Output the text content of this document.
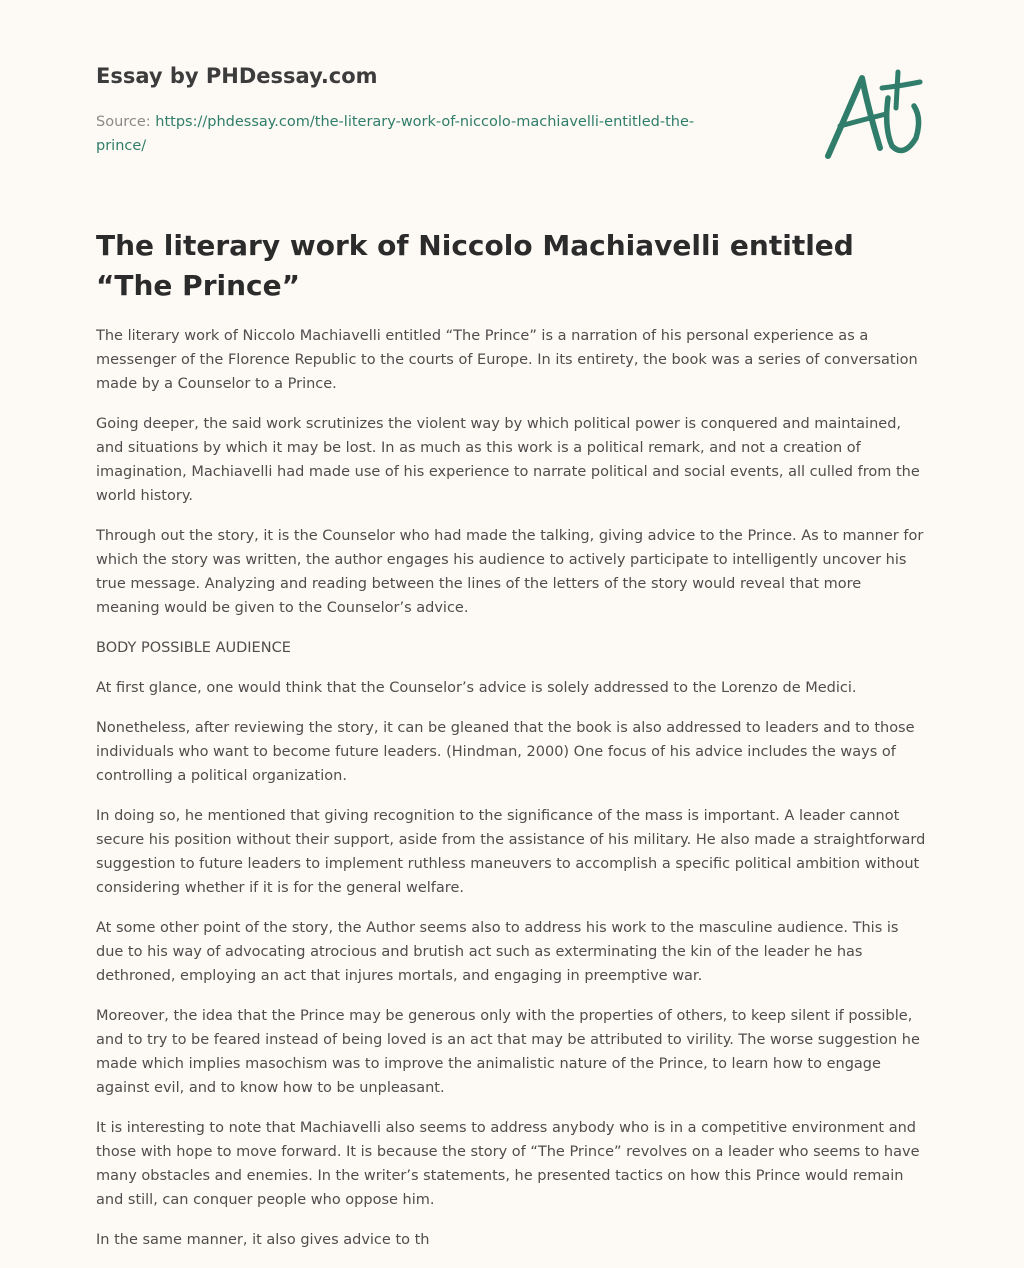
Essay by PHDessay.com

Source: https://phdessay.com/the-literary-work-of-niccolo-machiavelli-entitled-the-prince/

The literary work of Niccolo Machiavelli entitled “The Prince”

The literary work of Niccolo Machiavelli entitled “The Prince” is a narration of his personal experience as a messenger of the Florence Republic to the courts of Europe. In its entirety, the book was a series of conversation made by a Counselor to a Prince.

Going deeper, the said work scrutinizes the violent way by which political power is conquered and maintained, and situations by which it may be lost. In as much as this work is a political remark, and not a creation of imagination, Machiavelli had made use of his experience to narrate political and social events, all culled from the world history.

Through out the story, it is the Counselor who had made the talking, giving advice to the Prince. As to manner for which the story was written, the author engages his audience to actively participate to intelligently uncover his true message. Analyzing and reading between the lines of the letters of the story would reveal that more meaning would be given to the Counselor’s advice.

BODY POSSIBLE AUDIENCE

At first glance, one would think that the Counselor’s advice is solely addressed to the Lorenzo de Medici.

Nonetheless, after reviewing the story, it can be gleaned that the book is also addressed to leaders and to those individuals who want to become future leaders. (Hindman, 2000) One focus of his advice includes the ways of controlling a political organization.

In doing so, he mentioned that giving recognition to the significance of the mass is important. A leader cannot secure his position without their support, aside from the assistance of his military. He also made a straightforward suggestion to future leaders to implement ruthless maneuvers to accomplish a specific political ambition without considering whether if it is for the general welfare.

At some other point of the story, the Author seems also to address his work to the masculine audience. This is due to his way of advocating atrocious and brutish act such as exterminating the kin of the leader he has dethroned, employing an act that injures mortals, and engaging in preemptive war.

Moreover, the idea that the Prince may be generous only with the properties of others, to keep silent if possible, and to try to be feared instead of being loved is an act that may be attributed to virility. The worse suggestion he made which implies masochism was to improve the animalistic nature of the Prince, to learn how to engage against evil, and to know how to be unpleasant.

It is interesting to note that Machiavelli also seems to address anybody who is in a competitive environment and those with hope to move forward. It is because the story of “The Prince” revolves on a leader who seems to have many obstacles and enemies. In the writer’s statements, he presented tactics on how this Prince would remain and still, can conquer people who oppose him.

In the same manner, it also gives advice to th
